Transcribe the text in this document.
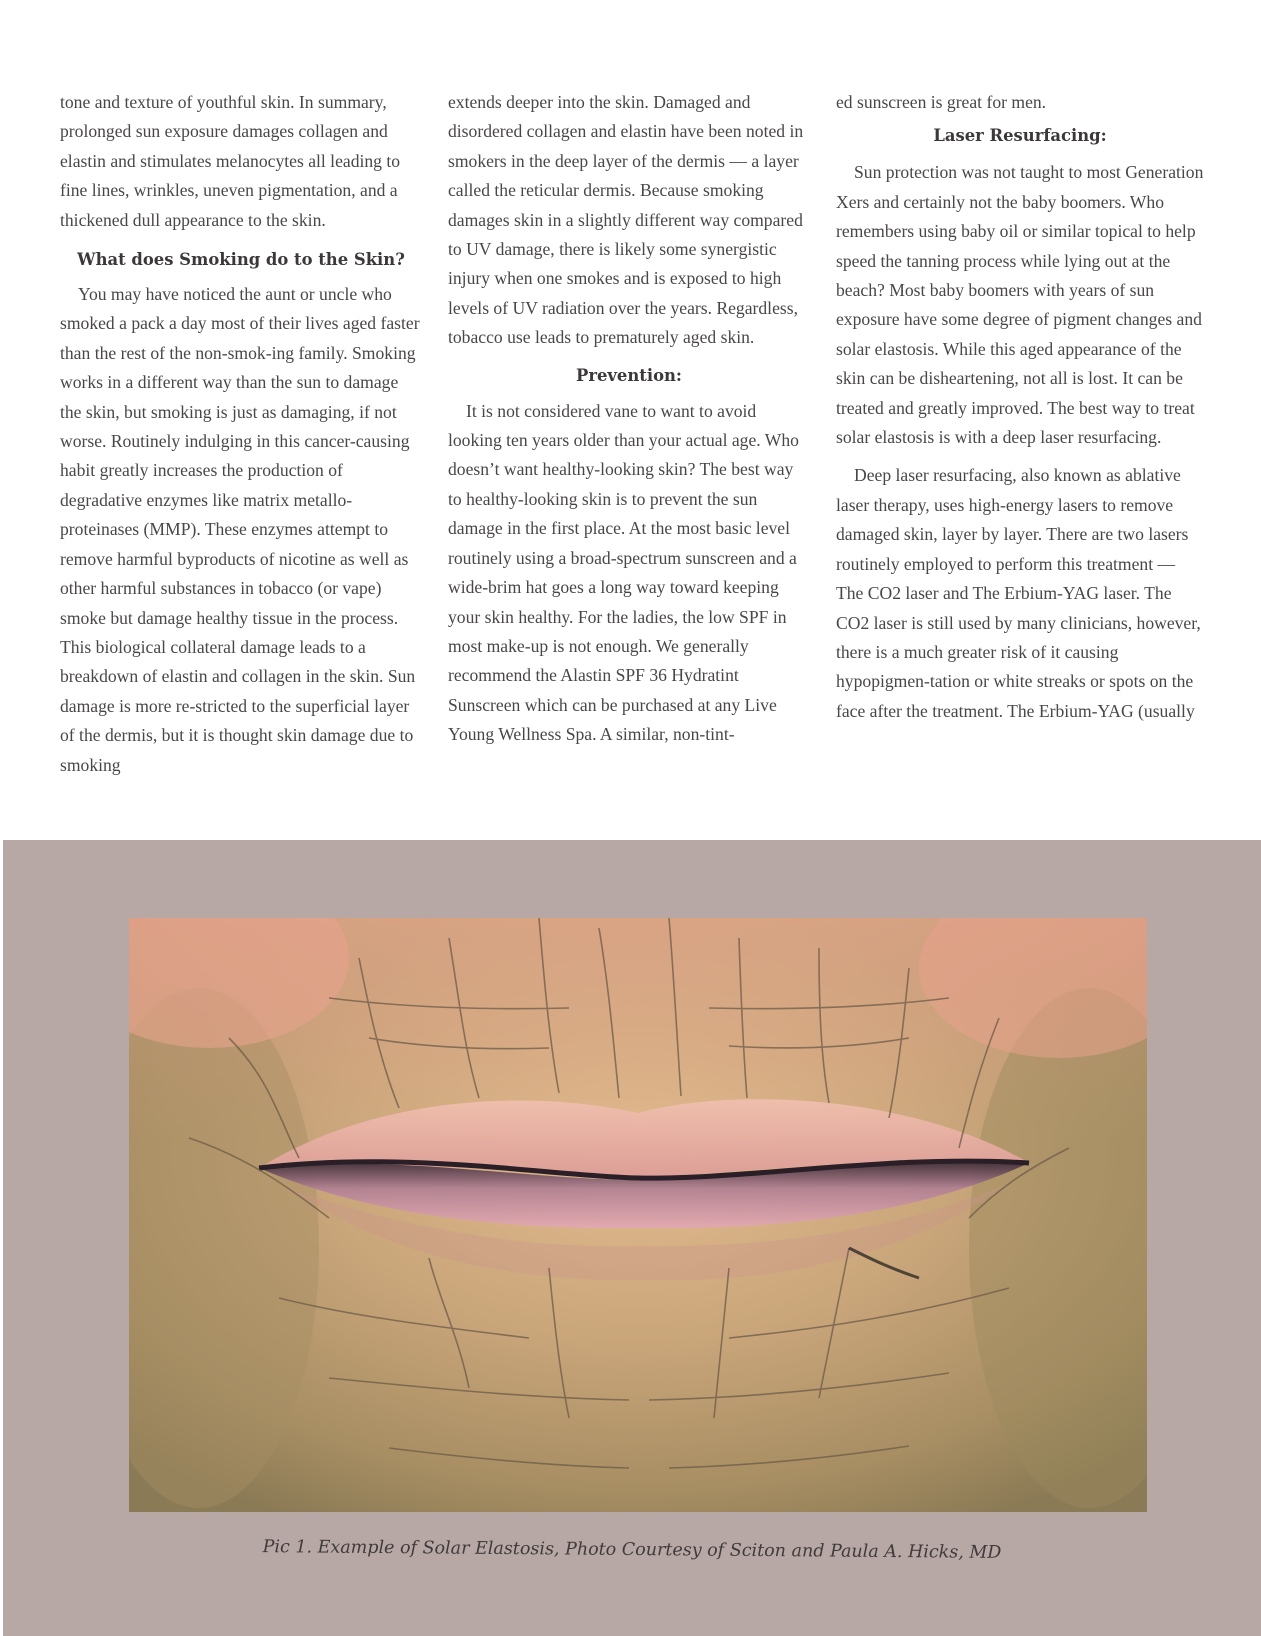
tone and texture of youthful skin. In summary, prolonged sun exposure damages collagen and elastin and stimulates melanocytes all leading to fine lines, wrinkles, uneven pigmentation, and a thickened dull appearance to the skin.

What does Smoking do to the Skin?

You may have noticed the aunt or uncle who smoked a pack a day most of their lives aged faster than the rest of the non-smok-ing family. Smoking works in a different way than the sun to damage the skin, but smoking is just as damaging, if not worse. Routinely indulging in this cancer-causing habit greatly increases the production of degradative enzymes like matrix metallo-proteinases (MMP). These enzymes attempt to remove harmful byproducts of nicotine as well as other harmful substances in tobacco (or vape) smoke but damage healthy tissue in the process. This biological collateral damage leads to a breakdown of elastin and collagen in the skin. Sun damage is more re-stricted to the superficial layer of the dermis, but it is thought skin damage due to smoking

extends deeper into the skin. Damaged and disordered collagen and elastin have been noted in smokers in the deep layer of the dermis — a layer called the reticular dermis. Because smoking damages skin in a slightly different way compared to UV damage, there is likely some synergistic injury when one smokes and is exposed to high levels of UV radiation over the years. Regardless, tobacco use leads to prematurely aged skin.

Prevention:

It is not considered vane to want to avoid looking ten years older than your actual age. Who doesn’t want healthy-looking skin? The best way to healthy-looking skin is to prevent the sun damage in the first place. At the most basic level routinely using a broad-spectrum sunscreen and a wide-brim hat goes a long way toward keeping your skin healthy. For the ladies, the low SPF in most make-up is not enough. We generally recommend the Alastin SPF 36 Hydratint Sunscreen which can be purchased at any Live Young Wellness Spa. A similar, non-tint-

ed sunscreen is great for men.

Laser Resurfacing:

Sun protection was not taught to most Generation Xers and certainly not the baby boomers. Who remembers using baby oil or similar topical to help speed the tanning process while lying out at the beach? Most baby boomers with years of sun exposure have some degree of pigment changes and solar elastosis. While this aged appearance of the skin can be disheartening, not all is lost. It can be treated and greatly improved. The best way to treat solar elastosis is with a deep laser resurfacing.

Deep laser resurfacing, also known as ablative laser therapy, uses high-energy lasers to remove damaged skin, layer by layer. There are two lasers routinely employed to perform this treatment — The CO2 laser and The Erbium-YAG laser. The CO2 laser is still used by many clinicians, however, there is a much greater risk of it causing hypopigmen-tation or white streaks or spots on the face after the treatment. The Erbium-YAG (usually

Pic 1. Example of Solar Elastosis, Photo Courtesy of Sciton and Paula A. Hicks, MD
